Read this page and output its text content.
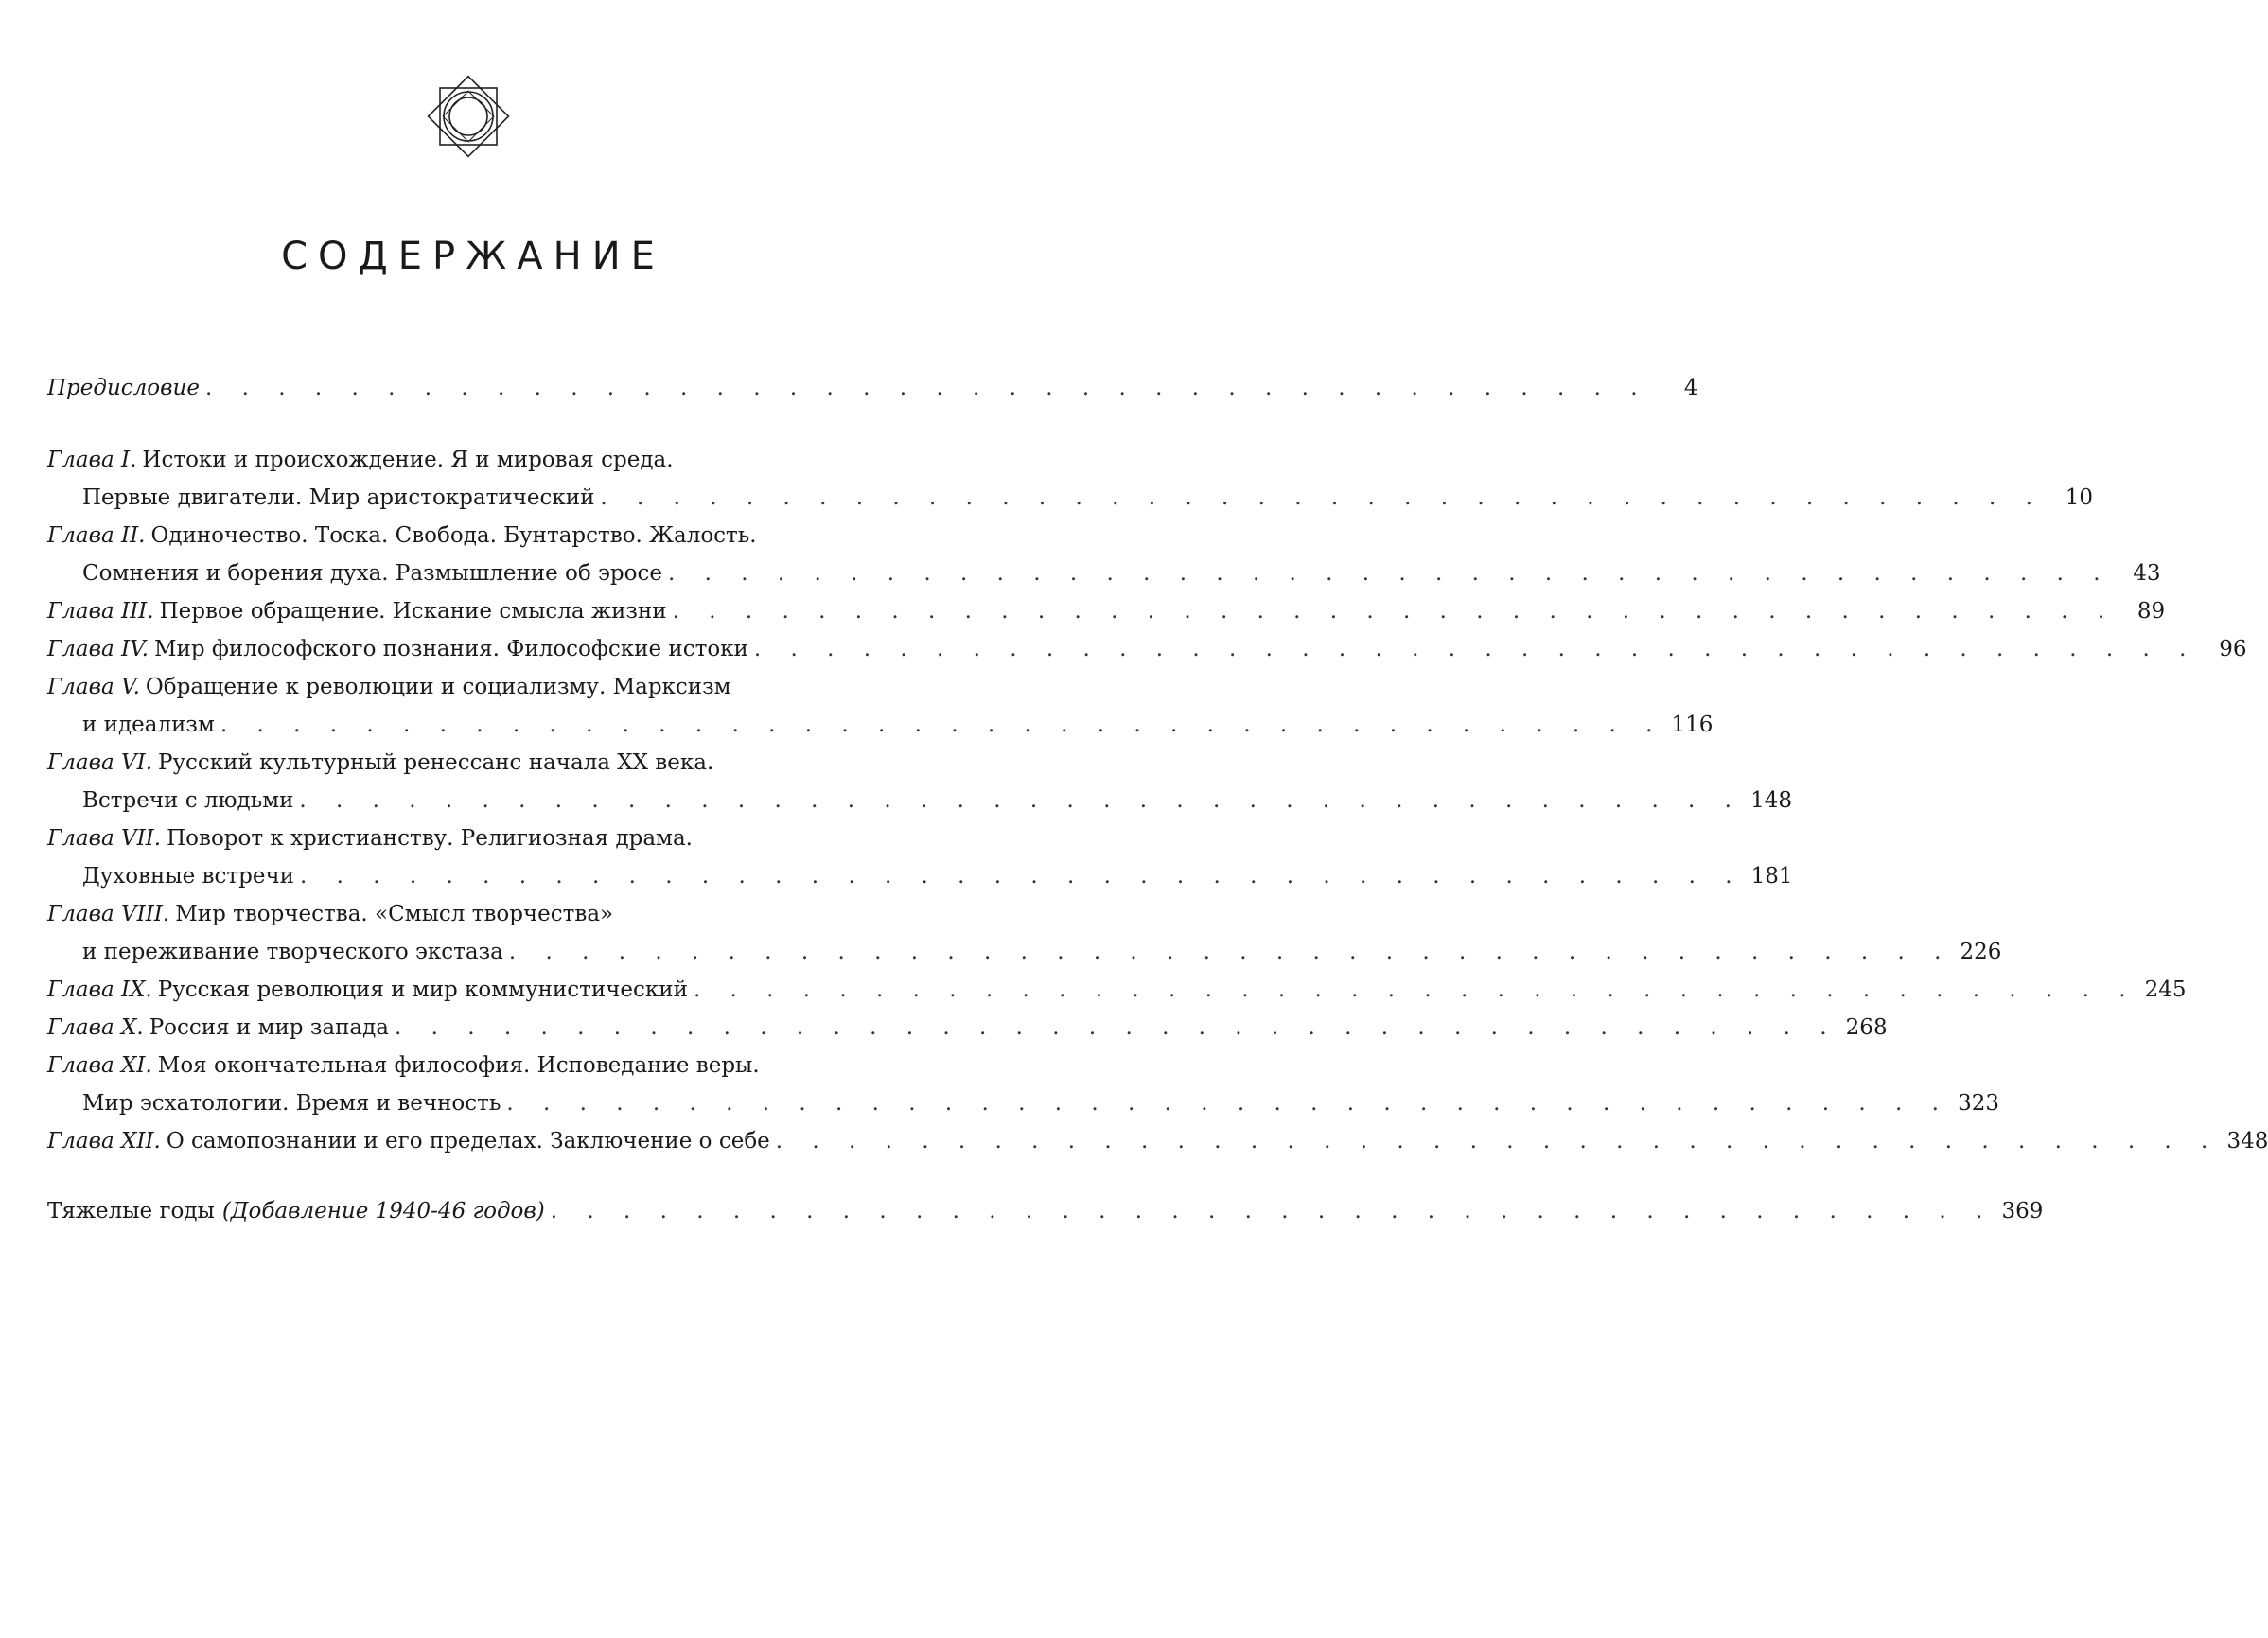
СОДЕРЖАНИЕ
Предисловие . . . . . . . . . . . . . . . . . . . . . . . . . . . . . . . . . . . . . . . .	4
Глава I. Истоки и происхождение. Я и мировая среда.
Первые двигатели. Мир аристократический . . . . . . . . . . . . . . . . . . . . . . . . . . . . . . . . . . . . . . . . 10
Глава II. Одиночество. Тоска. Свобода. Бунтарство. Жалость.
Сомнения и борения духа. Размышление об эросе . . . . . . . . . . . . . . . . . . . . . . . . . . . . . . . . . . . . . . . . 43
Глава III. Первое обращение. Искание смысла жизни . . . . . . . . . . . . . . . . . . . . . . . . . . . . . . . . . . . . . . . . 89
Глава IV. Мир философского познания. Философские истоки . . . . . . . . . . . . . . . . . . . . . . . . . . . . . . . . . . . . . . . . 96
Глава V. Обращение к революции и социализму. Марксизм
и идеализм . . . . . . . . . . . . . . . . . . . . . . . . . . . . . . . . . . . . . . . . 116
Глава VI. Русский культурный ренессанс начала XX века.
Встречи с людьми . . . . . . . . . . . . . . . . . . . . . . . . . . . . . . . . . . . . . . . . 148
Глава VII. Поворот к христианству. Религиозная драма.
Духовные встречи . . . . . . . . . . . . . . . . . . . . . . . . . . . . . . . . . . . . . . . . 181
Глава VIII. Мир творчества. «Смысл творчества»
и переживание творческого экстаза . . . . . . . . . . . . . . . . . . . . . . . . . . . . . . . . . . . . . . . . 226
Глава IX. Русская революция и мир коммунистический . . . . . . . . . . . . . . . . . . . . . . . . . . . . . . . . . . . . . . . . 245
Глава X. Россия и мир запада . . . . . . . . . . . . . . . . . . . . . . . . . . . . . . . . . . . . . . . . 268
Глава XI. Моя окончательная философия. Исповедание веры.
Мир эсхатологии. Время и вечность . . . . . . . . . . . . . . . . . . . . . . . . . . . . . . . . . . . . . . . . 323
Глава XII. О самопознании и его пределах. Заключение о себе . . . . . . . . . . . . . . . . . . . . . . . . . . . . . . . . . . . . . . . . 348
Тяжелые годы (Добавление 1940-46 годов) . . . . . . . . . . . . . . . . . . . . . . . . . . . . . . . . . . . . . . . . 369
